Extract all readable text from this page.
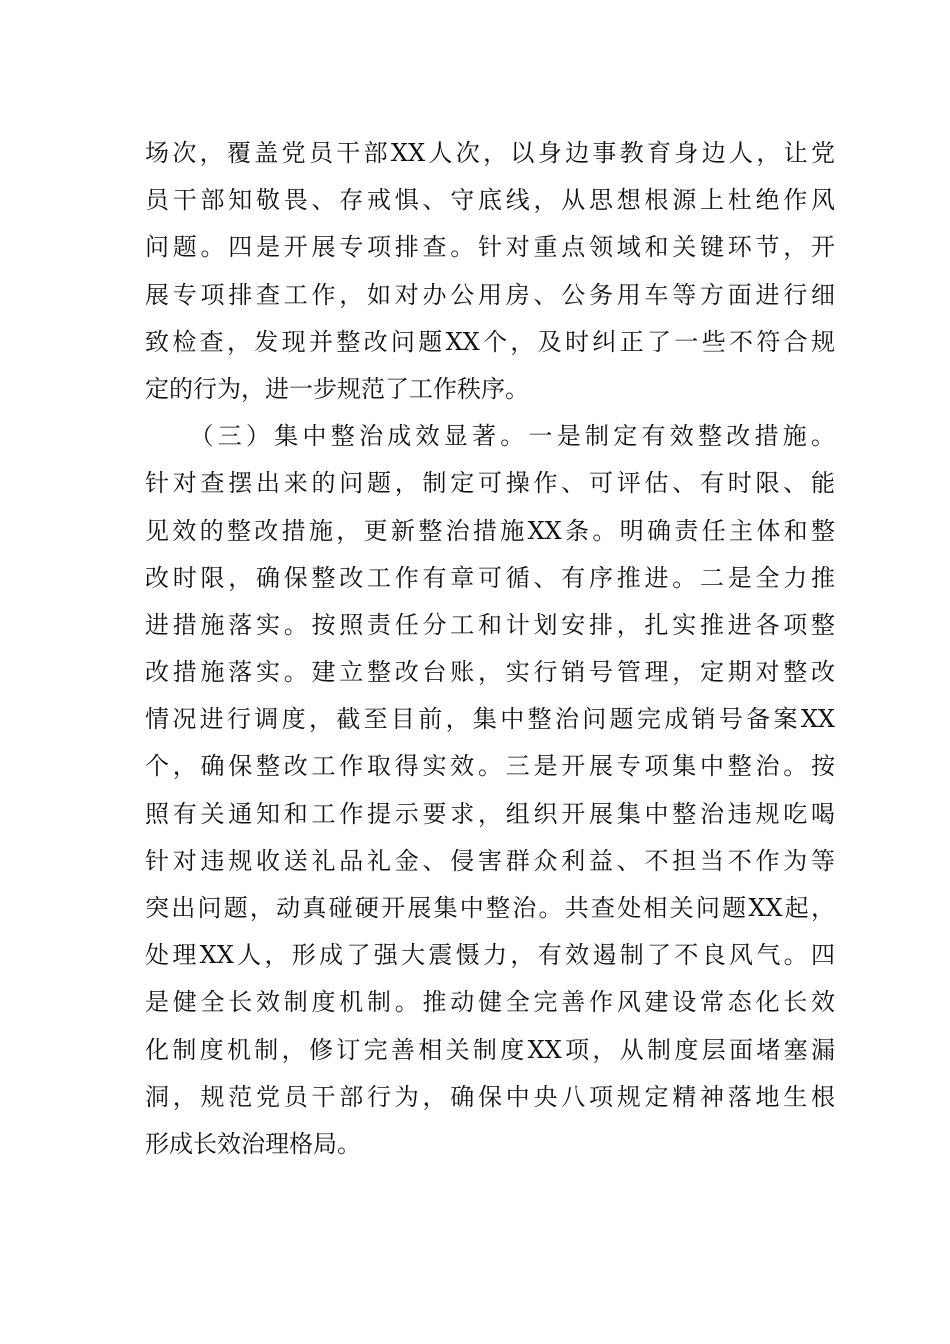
场次，覆盖党员干部XX人次，以身边事教育身边人，让党
员干部知敬畏、存戒惧、守底线，从思想根源上杜绝作风
问题。四是开展专项排查。针对重点领域和关键环节，开
展专项排查工作，如对办公用房、公务用车等方面进行细
致检查，发现并整改问题XX个，及时纠正了一些不符合规
定的行为，进一步规范了工作秩序。
　　（三）集中整治成效显著。一是制定有效整改措施。
针对查摆出来的问题，制定可操作、可评估、有时限、能
见效的整改措施，更新整治措施XX条。明确责任主体和整
改时限，确保整改工作有章可循、有序推进。二是全力推
进措施落实。按照责任分工和计划安排，扎实推进各项整
改措施落实。建立整改台账，实行销号管理，定期对整改
情况进行调度，截至目前，集中整治问题完成销号备案XX
个，确保整改工作取得实效。三是开展专项集中整治。按
照有关通知和工作提示要求，组织开展集中整治违规吃喝
针对违规收送礼品礼金、侵害群众利益、不担当不作为等
突出问题，动真碰硬开展集中整治。共查处相关问题XX起，
处理XX人，形成了强大震慑力，有效遏制了不良风气。四
是健全长效制度机制。推动健全完善作风建设常态化长效
化制度机制，修订完善相关制度XX项，从制度层面堵塞漏
洞，规范党员干部行为，确保中央八项规定精神落地生根
形成长效治理格局。
